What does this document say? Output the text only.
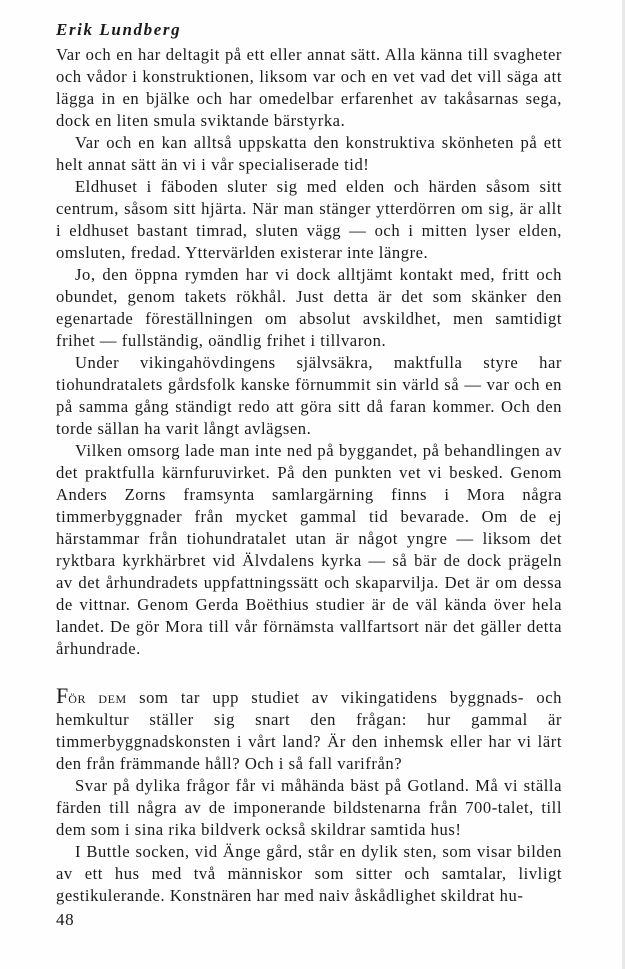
Erik Lundberg

Var och en har deltagit på ett eller annat sätt. Alla känna till svagheter och vådor i konstruktionen, liksom var och en vet vad det vill säga att lägga in en bjälke och har omedelbar erfarenhet av takåsarnas sega, dock en liten smula sviktande bärstyrka.

Var och en kan alltså uppskatta den konstruktiva skönheten på ett helt annat sätt än vi i vår specialiserade tid!

Eldhuset i fäboden sluter sig med elden och härden såsom sitt centrum, såsom sitt hjärta. När man stänger ytterdörren om sig, är allt i eldhuset bastant timrad, sluten vägg — och i mitten lyser elden, omsluten, fredad. Yttervärlden existerar inte längre.

Jo, den öppna rymden har vi dock alltjämt kontakt med, fritt och obundet, genom takets rökhål. Just detta är det som skänker den egenartade föreställningen om absolut avskildhet, men samtidigt frihet — fullständig, oändlig frihet i tillvaron.

Under vikingahövdingens självsäkra, maktfulla styre har tiohundratalets gårdsfolk kanske förnummit sin värld så — var och en på samma gång ständigt redo att göra sitt då faran kommer. Och den torde sällan ha varit långt avlägsen.

Vilken omsorg lade man inte ned på byggandet, på behandlingen av det praktfulla kärnfuruvirket. På den punkten vet vi besked. Genom Anders Zorns framsynta samlargärning finns i Mora några timmerbyggnader från mycket gammal tid bevarade. Om de ej härstammar från tiohundratalet utan är något yngre — liksom det ryktbara kyrkhärbret vid Älvdalens kyrka — så bär de dock prägeln av det århundradets uppfattningssätt och skaparvilja. Det är om dessa de vittnar. Genom Gerda Boëthius studier är de väl kända över hela landet. De gör Mora till vår förnämsta vallfartsort när det gäller detta århundrade.

För dem som tar upp studiet av vikingatidens byggnads- och hemkultur ställer sig snart den frågan: hur gammal är timmerbyggnadskonsten i vårt land? Är den inhemsk eller har vi lärt den från främmande håll? Och i så fall varifrån?

Svar på dylika frågor får vi måhända bäst på Gotland. Må vi ställa färden till några av de imponerande bildstenarna från 700-talet, till dem som i sina rika bildverk också skildrar samtida hus!

I Buttle socken, vid Änge gård, står en dylik sten, som visar bilden av ett hus med två människor som sitter och samtalar, livligt gestikulerande. Konstnären har med naiv åskådlighet skildrat hu-

48
